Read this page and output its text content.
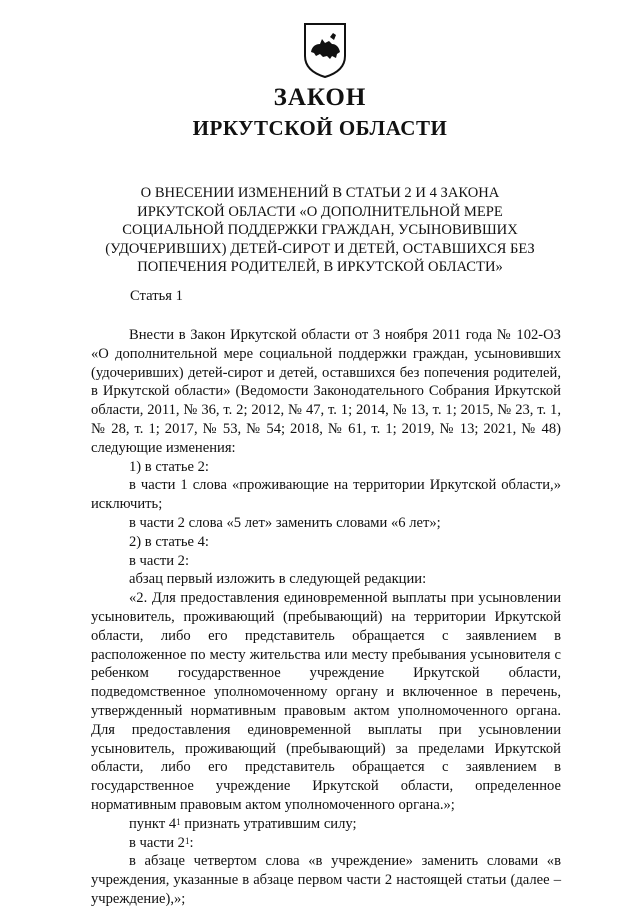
ЗАКОН
ИРКУТСКОЙ ОБЛАСТИ
О ВНЕСЕНИИ ИЗМЕНЕНИЙ В СТАТЬИ 2 И 4 ЗАКОНА ИРКУТСКОЙ ОБЛАСТИ «О ДОПОЛНИТЕЛЬНОЙ МЕРЕ СОЦИАЛЬНОЙ ПОДДЕРЖКИ ГРАЖДАН, УСЫНОВИВШИХ (УДОЧЕРИВШИХ) ДЕТЕЙ-СИРОТ И ДЕТЕЙ, ОСТАВШИХСЯ БЕЗ ПОПЕЧЕНИЯ РОДИТЕЛЕЙ, В ИРКУТСКОЙ ОБЛАСТИ»
Статья 1

Внести в Закон Иркутской области от 3 ноября 2011 года № 102-ОЗ «О дополнительной мере социальной поддержки граждан, усыновивших (удочеривших) детей-сирот и детей, оставшихся без попечения родителей, в Иркутской области» (Ведомости Законодательного Собрания Иркутской области, 2011, № 36, т. 2; 2012, № 47, т. 1; 2014, № 13, т. 1; 2015, № 23, т. 1, № 28, т. 1; 2017, № 53, № 54; 2018, № 61, т. 1; 2019, № 13; 2021, № 48) следующие изменения:

1) в статье 2:

в части 1 слова «проживающие на территории Иркутской области,» исключить;

в части 2 слова «5 лет» заменить словами «6 лет»;

2) в статье 4:

в части 2:

абзац первый изложить в следующей редакции:

«2. Для предоставления единовременной выплаты при усыновлении усыновитель, проживающий (пребывающий) на территории Иркутской области, либо его представитель обращается с заявлением в расположенное по месту жительства или месту пребывания усыновителя с ребенком государственное учреждение Иркутской области, подведомственное уполномоченному органу и включенное в перечень, утвержденный нормативным правовым актом уполномоченного органа. Для предоставления единовременной выплаты при усыновлении усыновитель, проживающий (пребывающий) за пределами Иркутской области, либо его представитель обращается с заявлением в государственное учреждение Иркутской области, определенное нормативным правовым актом уполномоченного органа.»;

пункт $4^1$ признать утратившим силу;

в части $2^1$:

в абзаце четвертом слова «в учреждение» заменить словами «в учреждения, указанные в абзаце первом части 2 настоящей статьи (далее – учреждение),»;
